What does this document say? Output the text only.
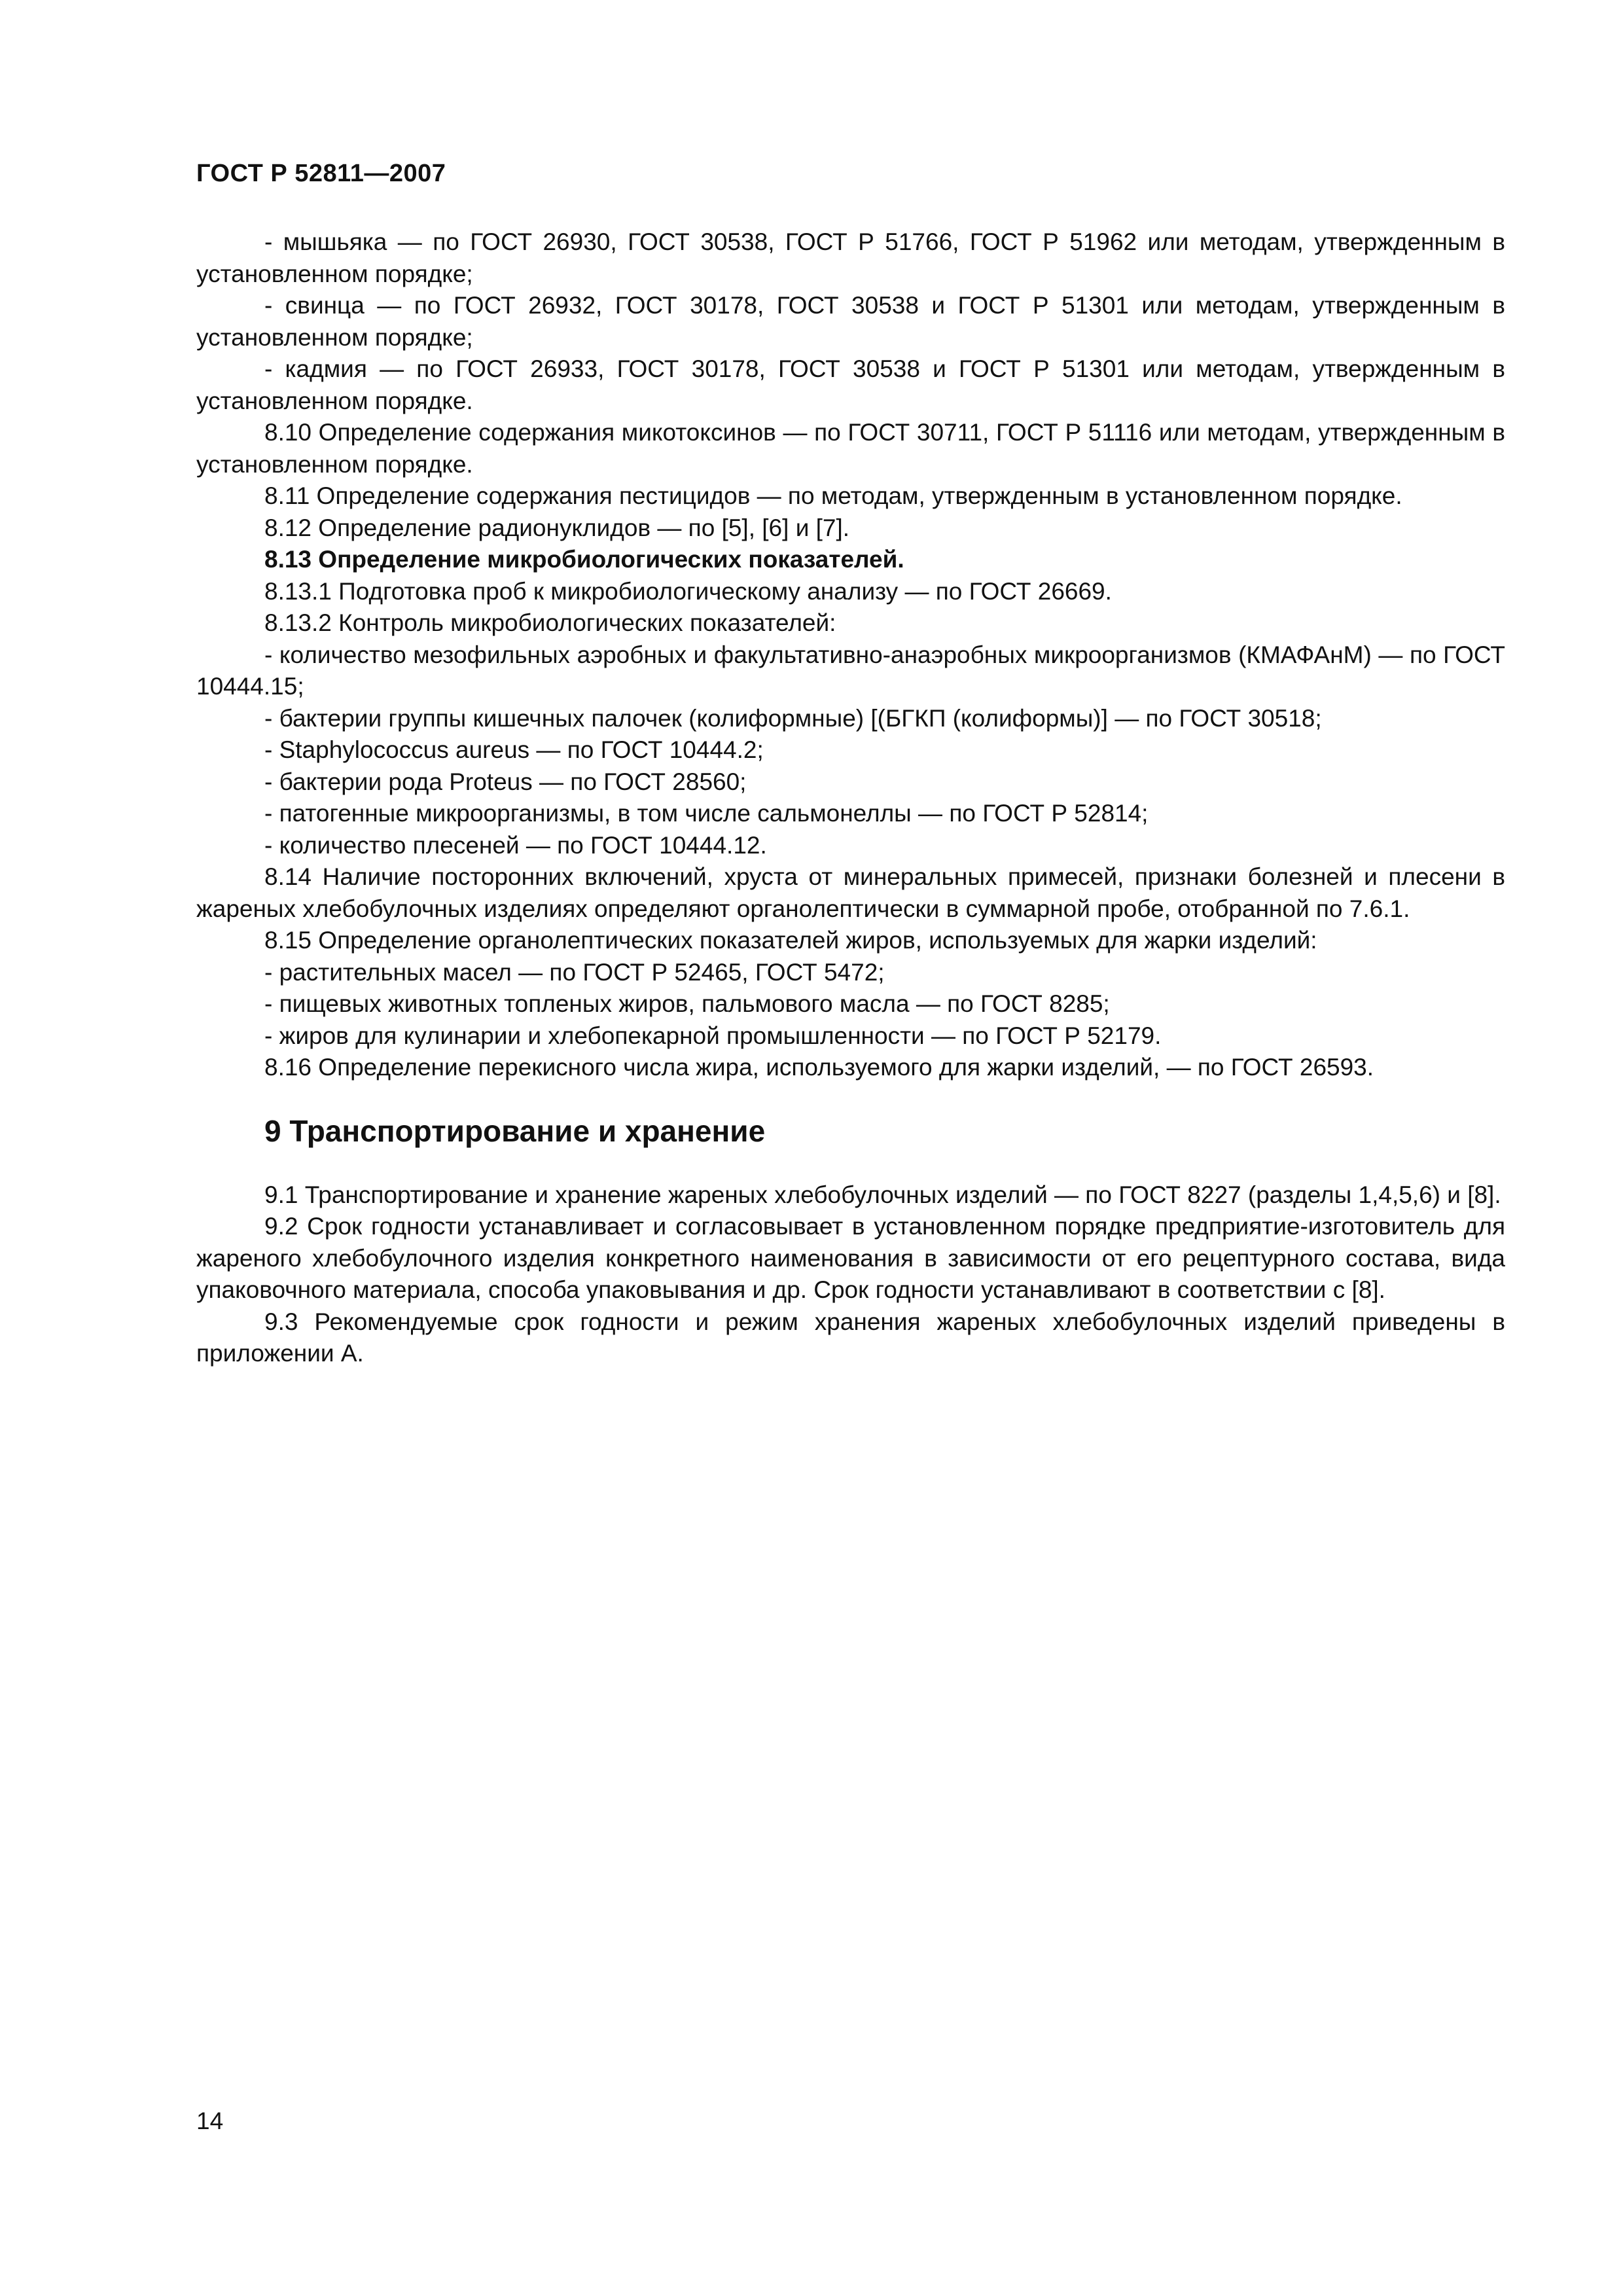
ГОСТ Р 52811—2007

- мышьяка — по ГОСТ 26930, ГОСТ 30538, ГОСТ Р 51766, ГОСТ Р 51962 или методам, утвержденным в установленном порядке;

- свинца — по ГОСТ 26932, ГОСТ 30178, ГОСТ 30538 и ГОСТ Р 51301 или методам, утвержденным в установленном порядке;

- кадмия — по ГОСТ 26933, ГОСТ 30178, ГОСТ 30538 и ГОСТ Р 51301 или методам, утвержденным в установленном порядке.

8.10 Определение содержания микотоксинов — по ГОСТ 30711, ГОСТ Р 51116 или методам, утвержденным в установленном порядке.

8.11 Определение содержания пестицидов — по методам, утвержденным в установленном порядке.

8.12 Определение радионуклидов — по [5], [6] и [7].

8.13 Определение микробиологических показателей.

8.13.1 Подготовка проб к микробиологическому анализу — по ГОСТ 26669.

8.13.2 Контроль микробиологических показателей:

- количество мезофильных аэробных и факультативно-анаэробных микроорганизмов (КМАФАнМ) — по ГОСТ 10444.15;

- бактерии группы кишечных палочек (колиформные) [(БГКП (колиформы)] — по ГОСТ 30518;

- Staphylococcus aureus — по ГОСТ 10444.2;

- бактерии рода Proteus — по ГОСТ 28560;

- патогенные микроорганизмы, в том числе сальмонеллы — по ГОСТ Р 52814;

- количество плесеней — по ГОСТ 10444.12.

8.14 Наличие посторонних включений, хруста от минеральных примесей, признаки болезней и плесени в жареных хлебобулочных изделиях определяют органолептически в суммарной пробе, отобранной по 7.6.1.

8.15 Определение органолептических показателей жиров, используемых для жарки изделий:

- растительных масел — по ГОСТ Р 52465, ГОСТ 5472;

- пищевых животных топленых жиров, пальмового масла — по ГОСТ 8285;

- жиров для кулинарии и хлебопекарной промышленности — по ГОСТ Р 52179.

8.16 Определение перекисного числа жира, используемого для жарки изделий, — по ГОСТ 26593.

9 Транспортирование и хранение

9.1 Транспортирование и хранение жареных хлебобулочных изделий — по ГОСТ 8227 (разделы 1,4,5,6) и [8].

9.2 Срок годности устанавливает и согласовывает в установленном порядке предприятие-изготовитель для жареного хлебобулочного изделия конкретного наименования в зависимости от его рецептурного состава, вида упаковочного материала, способа упаковывания и др. Срок годности устанавливают в соответствии с [8].

9.3 Рекомендуемые срок годности и режим хранения жареных хлебобулочных изделий приведены в приложении А.

14
